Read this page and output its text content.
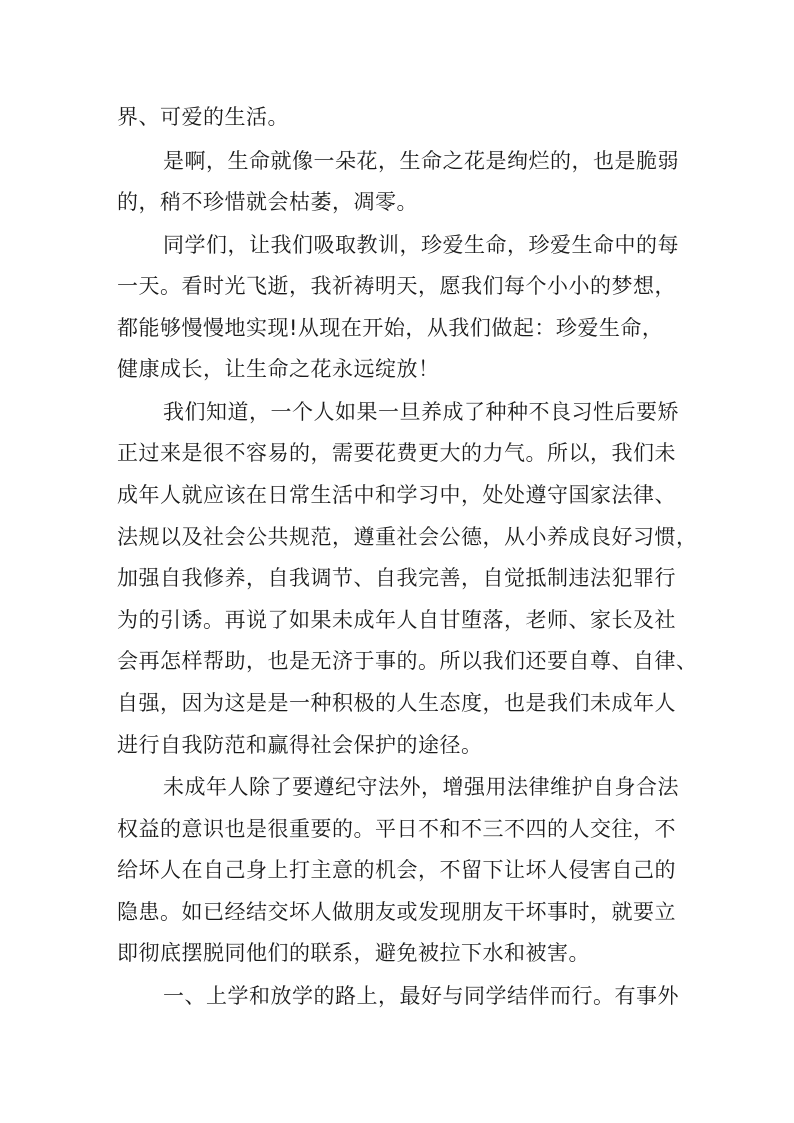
界、可爱的生活。
是啊，生命就像一朵花，生命之花是绚烂的，也是脆弱
的，稍不珍惜就会枯萎，凋零。
同学们，让我们吸取教训，珍爱生命，珍爱生命中的每
一天。看时光飞逝，我祈祷明天，愿我们每个小小的梦想，
都能够慢慢地实现!从现在开始，从我们做起：珍爱生命，
健康成长，让生命之花永远绽放！
我们知道，一个人如果一旦养成了种种不良习性后要矫
正过来是很不容易的，需要花费更大的力气。所以，我们未
成年人就应该在日常生活中和学习中，处处遵守国家法律、
法规以及社会公共规范，遵重社会公德，从小养成良好习惯，
加强自我修养，自我调节、自我完善，自觉抵制违法犯罪行
为的引诱。再说了如果未成年人自甘堕落，老师、家长及社
会再怎样帮助，也是无济于事的。所以我们还要自尊、自律、
自强，因为这是是一种积极的人生态度，也是我们未成年人
进行自我防范和赢得社会保护的途径。
未成年人除了要遵纪守法外，增强用法律维护自身合法
权益的意识也是很重要的。平日不和不三不四的人交往，不
给坏人在自己身上打主意的机会，不留下让坏人侵害自己的
隐患。如已经结交坏人做朋友或发现朋友干坏事时，就要立
即彻底摆脱同他们的联系，避免被拉下水和被害。
一、上学和放学的路上，最好与同学结伴而行。有事外
